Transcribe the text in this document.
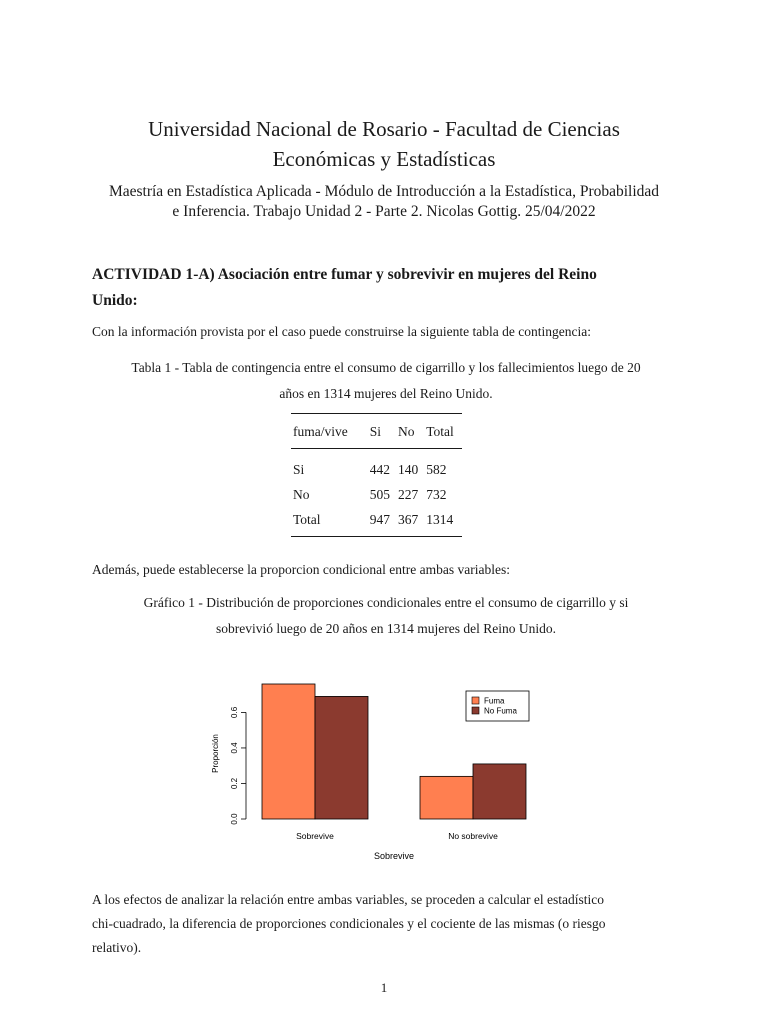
Universidad Nacional de Rosario - Facultad de Ciencias
Económicas y Estadísticas

Maestría en Estadística Aplicada - Módulo de Introducción a la Estadística, Probabilidad
e Inferencia. Trabajo Unidad 2 - Parte 2. Nicolas Gottig. 25/04/2022

ACTIVIDAD 1-A) Asociación entre fumar y sobrevivir en mujeres del Reino
Unido:

Con la información provista por el caso puede construirse la siguiente tabla de contingencia:

Tabla 1 - Tabla de contingencia entre el consumo de cigarrillo y los fallecimientos luego de 20
años en 1314 mujeres del Reino Unido.

fuma/vive	Si	No	Total
Si	442	140	582
No	505	227	732
Total	947	367	1314

Además, puede establecerse la proporcion condicional entre ambas variables:

Gráfico 1 - Distribución de proporciones condicionales entre el consumo de cigarrillo y si
sobrevivió luego de 20 años en 1314 mujeres del Reino Unido.

0.0
0.2
0.4
0.6
Sobrevive	No sobrevive
Sobrevive
Proporción
Fuma
No Fuma

A los efectos de analizar la relación entre ambas variables, se proceden a calcular el estadístico
chi-cuadrado, la diferencia de proporciones condicionales y el cociente de las mismas (o riesgo
relativo).

1
